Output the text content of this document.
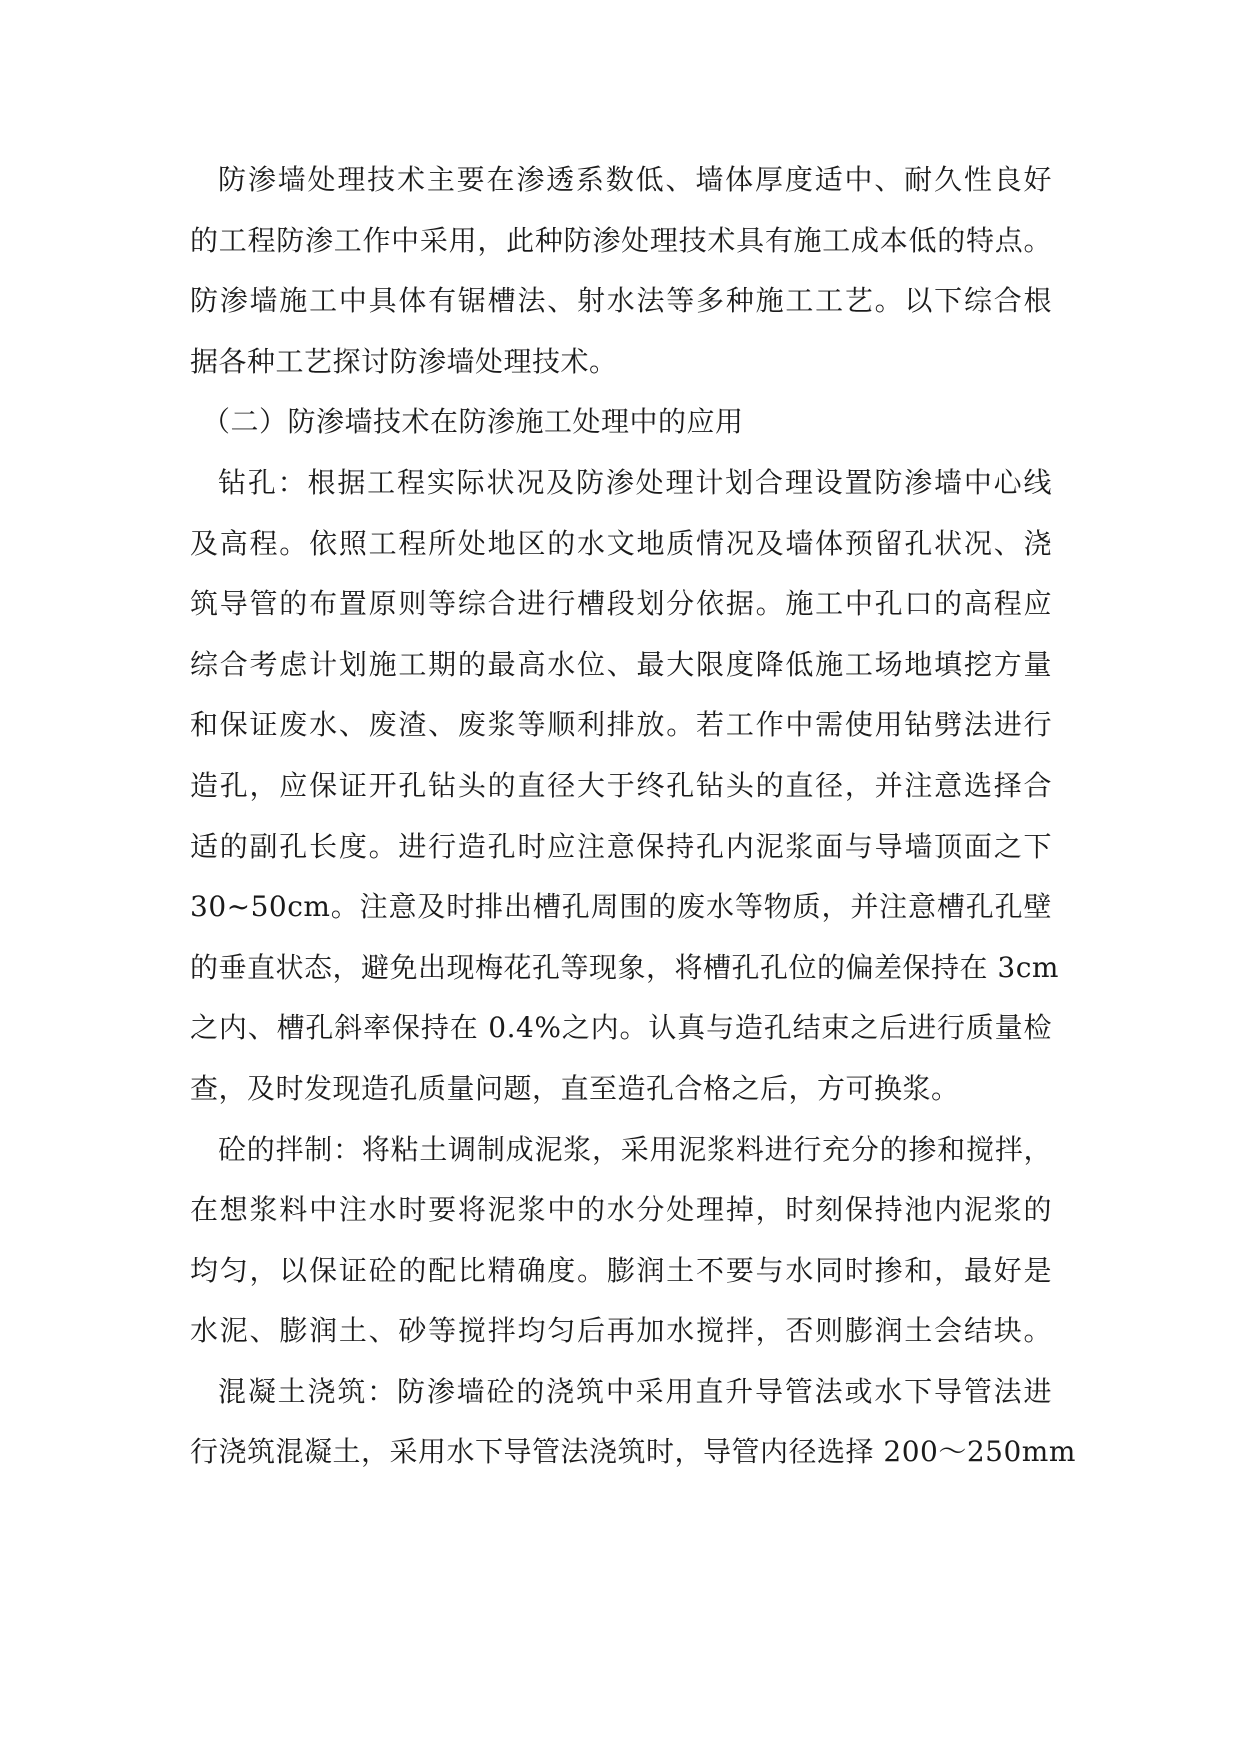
防渗墙处理技术主要在渗透系数低、墙体厚度适中、耐久性良好
的工程防渗工作中采用，此种防渗处理技术具有施工成本低的特点。
防渗墙施工中具体有锯槽法、射水法等多种施工工艺。以下综合根
据各种工艺探讨防渗墙处理技术。
（二）防渗墙技术在防渗施工处理中的应用
钻孔：根据工程实际状况及防渗处理计划合理设置防渗墙中心线
及高程。依照工程所处地区的水文地质情况及墙体预留孔状况、浇
筑导管的布置原则等综合进行槽段划分依据。施工中孔口的高程应
综合考虑计划施工期的最高水位、最大限度降低施工场地填挖方量
和保证废水、废渣、废浆等顺利排放。若工作中需使用钻劈法进行
造孔，应保证开孔钻头的直径大于终孔钻头的直径，并注意选择合
适的副孔长度。进行造孔时应注意保持孔内泥浆面与导墙顶面之下
30~50cm。注意及时排出槽孔周围的废水等物质，并注意槽孔孔壁
的垂直状态，避免出现梅花孔等现象，将槽孔孔位的偏差保持在 3cm
之内、槽孔斜率保持在 0.4%之内。认真与造孔结束之后进行质量检
查，及时发现造孔质量问题，直至造孔合格之后，方可换浆。
砼的拌制：将粘土调制成泥浆，采用泥浆料进行充分的掺和搅拌，
在想浆料中注水时要将泥浆中的水分处理掉，时刻保持池内泥浆的
均匀，以保证砼的配比精确度。膨润土不要与水同时掺和，最好是
水泥、膨润土、砂等搅拌均匀后再加水搅拌，否则膨润土会结块。
混凝土浇筑：防渗墙砼的浇筑中采用直升导管法或水下导管法进
行浇筑混凝土，采用水下导管法浇筑时，导管内径选择 200～250mm
